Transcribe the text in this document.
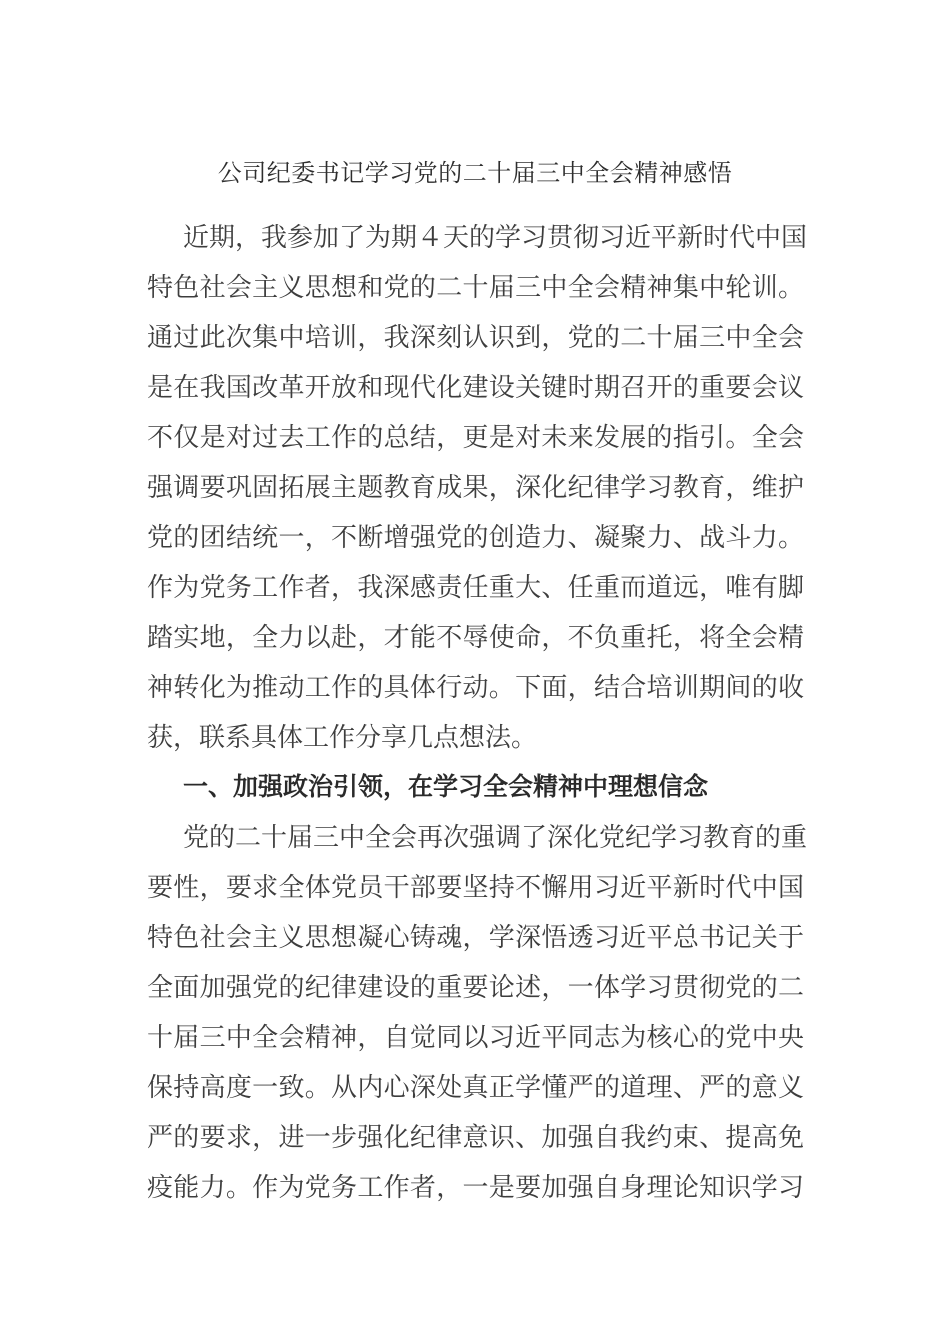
公司纪委书记学习党的二十届三中全会精神感悟
近期，我参加了为期４天的学习贯彻习近平新时代中国
特色社会主义思想和党的二十届三中全会精神集中轮训。
通过此次集中培训，我深刻认识到，党的二十届三中全会
是在我国改革开放和现代化建设关键时期召开的重要会议
不仅是对过去工作的总结，更是对未来发展的指引。全会
强调要巩固拓展主题教育成果，深化纪律学习教育，维护
党的团结统一，不断增强党的创造力、凝聚力、战斗力。
作为党务工作者，我深感责任重大、任重而道远，唯有脚
踏实地，全力以赴，才能不辱使命，不负重托，将全会精
神转化为推动工作的具体行动。下面，结合培训期间的收
获，联系具体工作分享几点想法。
一、加强政治引领，在学习全会精神中理想信念
党的二十届三中全会再次强调了深化党纪学习教育的重
要性，要求全体党员干部要坚持不懈用习近平新时代中国
特色社会主义思想凝心铸魂，学深悟透习近平总书记关于
全面加强党的纪律建设的重要论述，一体学习贯彻党的二
十届三中全会精神，自觉同以习近平同志为核心的党中央
保持高度一致。从内心深处真正学懂严的道理、严的意义
严的要求，进一步强化纪律意识、加强自我约束、提高免
疫能力。作为党务工作者，一是要加强自身理论知识学习
